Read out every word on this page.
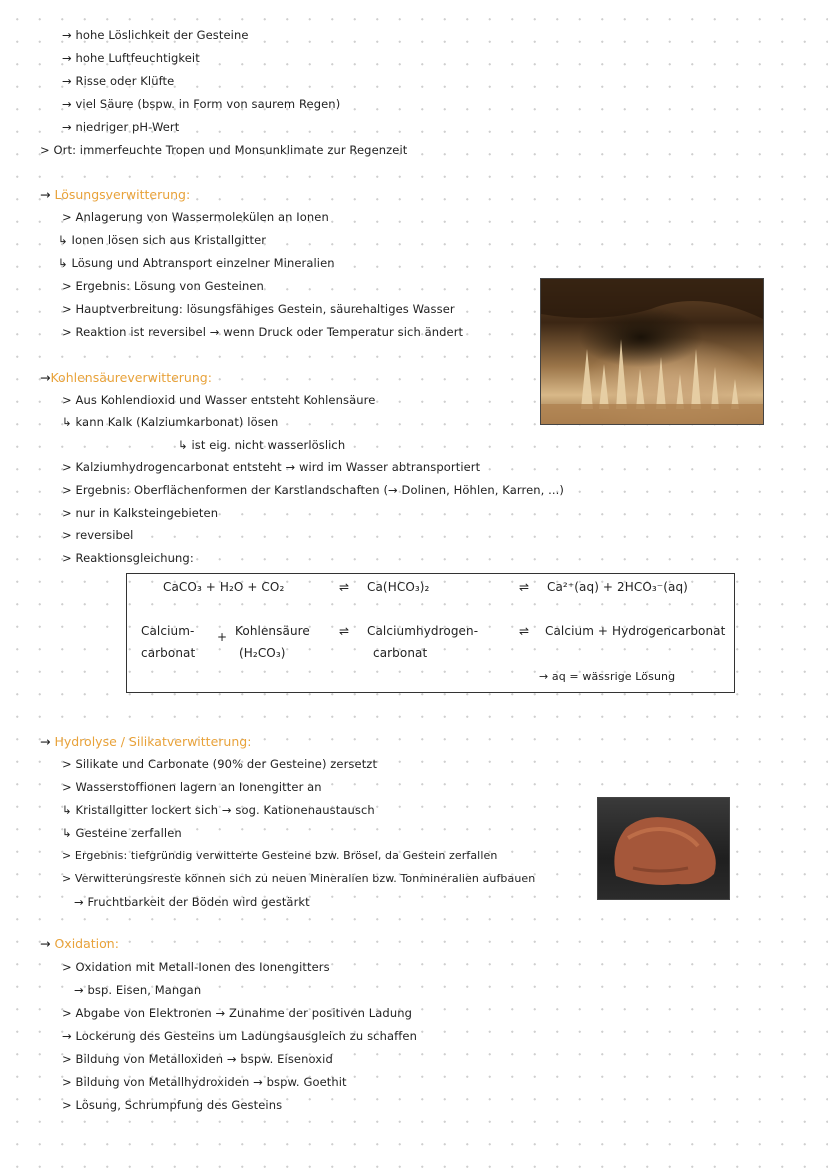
→ hohe Löslichkeit der Gesteine
→ hohe Luftfeuchtigkeit
→ Risse oder Klüfte
→ viel Säure (bspw. in Form von saurem Regen)
→ niedriger pH-Wert
> Ort: immerfeuchte Tropen und Monsunklimate zur Regenzeit
→ Lösungsverwitterung:
> Anlagerung von Wassermolekülen an Ionen
↳ Ionen lösen sich aus Kristallgitter
↳ Lösung und Abtransport einzelner Mineralien
> Ergebnis: Lösung von Gesteinen
> Hauptverbreitung: lösungsfähiges Gestein, säurehaltiges Wasser
> Reaktion ist reversibel → wenn Druck oder Temperatur sich ändert
→Kohlensäureverwitterung:
> Aus Kohlendioxid und Wasser entsteht Kohlensäure
↳ kann Kalk (Kalziumkarbonat) lösen
↳ ist eig. nicht wasserlöslich
> Kalziumhydrogencarbonat entsteht → wird im Wasser abtransportiert
> Ergebnis: Oberflächenformen der Karstlandschaften (→ Dolinen, Höhlen, Karren, ...)
> nur in Kalksteingebieten
> reversibel
> Reaktionsgleichung:
CaCO₃ + H₂O + CO₂	⇌ Ca(HCO₃)₂	⇌ Ca²⁺(aq) + 2HCO₃⁻(aq)
Calcium-
carbonat
+ Kohlensäure
(H₂CO₃)
⇌ Calciumhydrogen-
carbonat
⇌ Calcium + Hydrogencarbonat
→ aq = wässrige Lösung
→ Hydrolyse / Silikatverwitterung:
> Silikate und Carbonate (90% der Gesteine) zersetzt
> Wasserstoffionen lagern an Ionengitter an
↳ Kristallgitter lockert sich → sog. Kationenaustausch
↳ Gesteine zerfallen
> Ergebnis: tiefgründig verwitterte Gesteine bzw. Brösel, da Gestein zerfallen
> Verwitterungsreste können sich zu neuen Mineralien bzw. Tonmineralien aufbauen
→ Fruchtbarkeit der Böden wird gestärkt
→ Oxidation:
> Oxidation mit Metall-Ionen des Ionengitters
→ bsp. Eisen, Mangan
> Abgabe von Elektronen → Zunahme der positiven Ladung
→ Lockerung des Gesteins um Ladungsausgleich zu schaffen
> Bildung von Metalloxiden → bspw. Eisenoxid
> Bildung von Metallhydroxiden → bspw. Goethit
> Lösung, Schrumpfung des Gesteins
